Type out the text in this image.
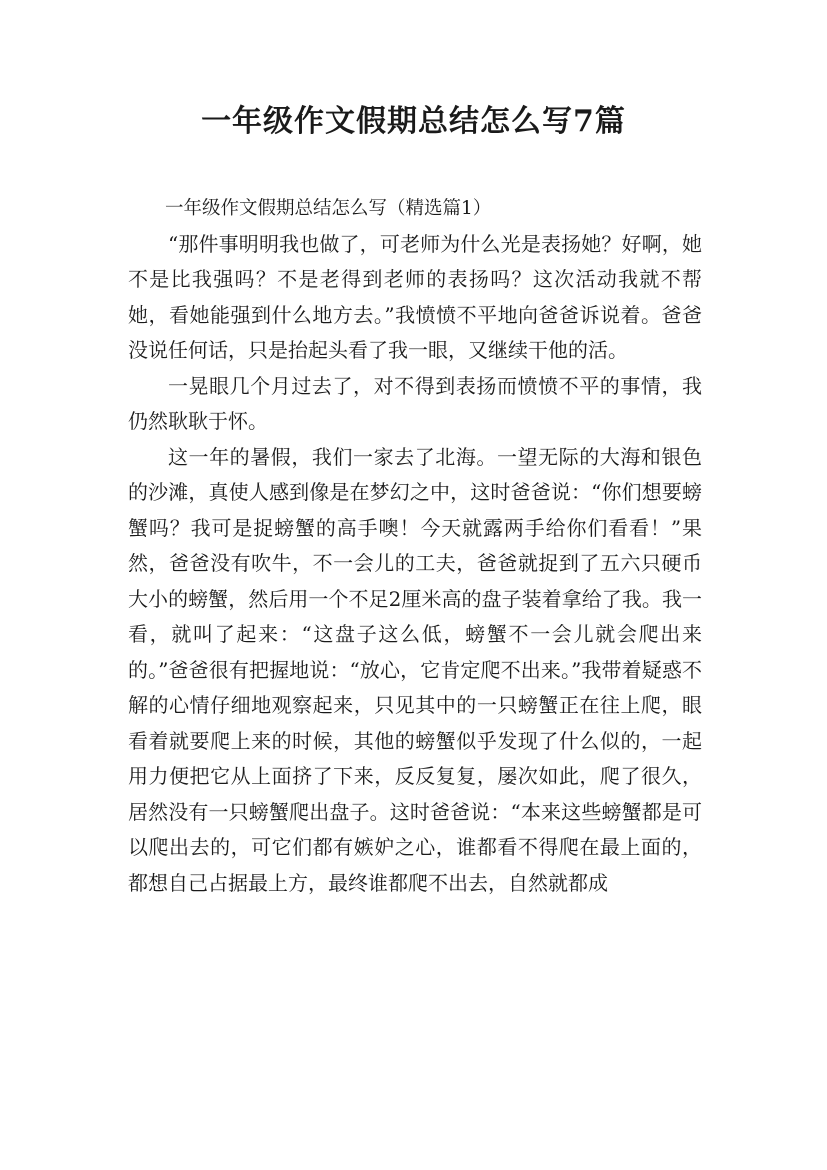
一年级作文假期总结怎么写7篇

一年级作文假期总结怎么写（精选篇1）

“那件事明明我也做了，可老师为什么光是表扬她？好啊，她不是比我强吗？不是老得到老师的表扬吗？这次活动我就不帮她，看她能强到什么地方去。”我愤愤不平地向爸爸诉说着。爸爸没说任何话，只是抬起头看了我一眼，又继续干他的活。

一晃眼几个月过去了，对不得到表扬而愤愤不平的事情，我仍然耿耿于怀。

这一年的暑假，我们一家去了北海。一望无际的大海和银色的沙滩，真使人感到像是在梦幻之中，这时爸爸说：“你们想要螃蟹吗？我可是捉螃蟹的高手噢！今天就露两手给你们看看！”果然，爸爸没有吹牛，不一会儿的工夫，爸爸就捉到了五六只硬币大小的螃蟹，然后用一个不足2厘米高的盘子装着拿给了我。我一看，就叫了起来：“这盘子这么低，螃蟹不一会儿就会爬出来的。”爸爸很有把握地说：“放心，它肯定爬不出来。”我带着疑惑不解的心情仔细地观察起来，只见其中的一只螃蟹正在往上爬，眼看着就要爬上来的时候，其他的螃蟹似乎发现了什么似的，一起用力便把它从上面挤了下来，反反复复，屡次如此，爬了很久，居然没有一只螃蟹爬出盘子。这时爸爸说：“本来这些螃蟹都是可以爬出去的，可它们都有嫉妒之心，谁都看不得爬在最上面的，都想自己占据最上方，最终谁都爬不出去，自然就都成
